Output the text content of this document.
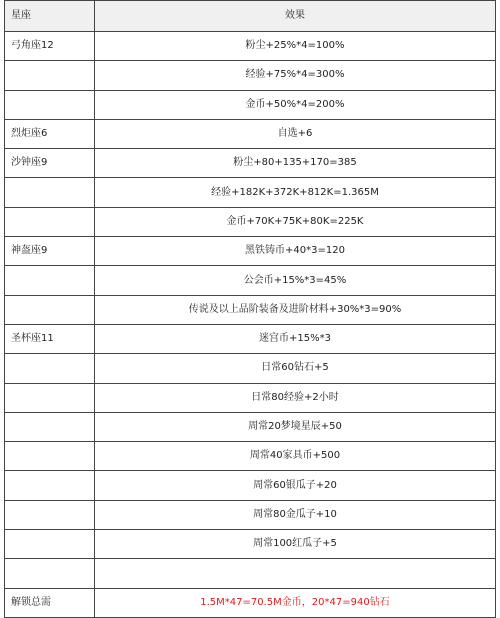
星座	效果
弓角座12	粉尘+25%*4=100%
	经验+75%*4=300%
	金币+50%*4=200%
烈炬座6	自选+6
沙钟座9	粉尘+80+135+170=385
	经验+182K+372K+812K=1.365M
	金币+70K+75K+80K=225K
神盔座9	黑铁铸币+40*3=120
	公会币+15%*3=45%
	传说及以上品阶装备及进阶材料+30%*3=90%
圣杯座11	迷宫币+15%*3
	日常60钻石+5
	日常80经验+2小时
	周常20梦境星辰+50
	周常40家具币+500
	周常60银瓜子+20
	周常80金瓜子+10
	周常100红瓜子+5

解锁总需	1.5M*47=70.5M金币，20*47=940钻石
